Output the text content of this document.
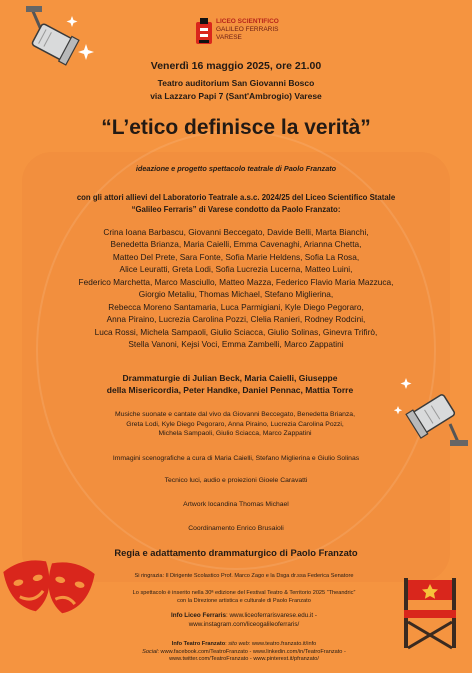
LICEO SCIENTIFICO
GALILEO FERRARIS
VARESE
Venerdì 16 maggio 2025, ore 21.00
Teatro auditorium San Giovanni Bosco
via Lazzaro Papi 7 (Sant'Ambrogio) Varese
“L’etico definisce la verità”
ideazione e progetto spettacolo teatrale di Paolo Franzato
con gli attori allievi del Laboratorio Teatrale a.s.c. 2024/25 del Liceo Scientifico Statale
“Galileo Ferraris” di Varese condotto da Paolo Franzato:
Crina Ioana Barbascu, Giovanni Beccegato, Davide Belli, Marta Bianchi,
Benedetta Brianza, Maria Caielli, Emma Cavenaghi, Arianna Chetta,
Matteo Del Prete, Sara Fonte, Sofia Marie Heldens, Sofia La Rosa,
Alice Leuratti, Greta Lodi, Sofia Lucrezia Lucerna, Matteo Luini,
Federico Marchetta, Marco Masciullo, Matteo Mazza, Federico Flavio Maria Mazzuca,
Giorgio Metaliu, Thomas Michael, Stefano Miglierina,
Rebecca Moreno Santamaria, Luca Parmigiani, Kyle Diego Pegoraro,
Anna Piraino, Lucrezia Carolina Pozzi, Clelia Ranieri, Rodney Rodcini,
Luca Rossi, Michela Sampaoli, Giulio Sciacca, Giulio Solinas, Ginevra Trifirò,
Stella Vanoni, Kejsi Voci, Emma Zambelli, Marco Zappatini
Drammaturgie di Julian Beck, Maria Caielli, Giuseppe
della Misericordia, Peter Handke, Daniel Pennac, Mattia Torre
Musiche suonate e cantate dal vivo da Giovanni Beccegato, Benedetta Brianza,
Greta Lodi, Kyle Diego Pegoraro, Anna Piraino, Lucrezia Carolina Pozzi,
Michela Sampaoli, Giulio Sciacca, Marco Zappatini
Immagini scenografiche a cura di Maria Caielli, Stefano Miglierina e Giulio Solinas
Tecnico luci, audio e proiezioni Gioele Caravatti
Artwork locandina Thomas Michael
Coordinamento Enrico Brusaioli
Regia e adattamento drammaturgico di Paolo Franzato
Si ringrazia: Il Dirigente Scolastico Prof. Marco Zago e la Dsga dr.ssa Federica Senatore
Lo spettacolo è inserito nella 30ª edizione del Festival Teatro & Territorio 2025 “Theandric”
con la Direzione artistica e culturale di Paolo Franzato
Info Liceo Ferraris: www.liceoferrarisvarese.edu.it -
www.instagram.com/liceogalileoferraris/
Info Teatro Franzato: sito web: www.teatro.franzato.it/info
Social: www.facebook.com/TeatroFranzato - www.linkedin.com/in/TeatroFranzato -
www.twitter.com/TeatroFranzato - www.pinterest.it/pfranzato/
